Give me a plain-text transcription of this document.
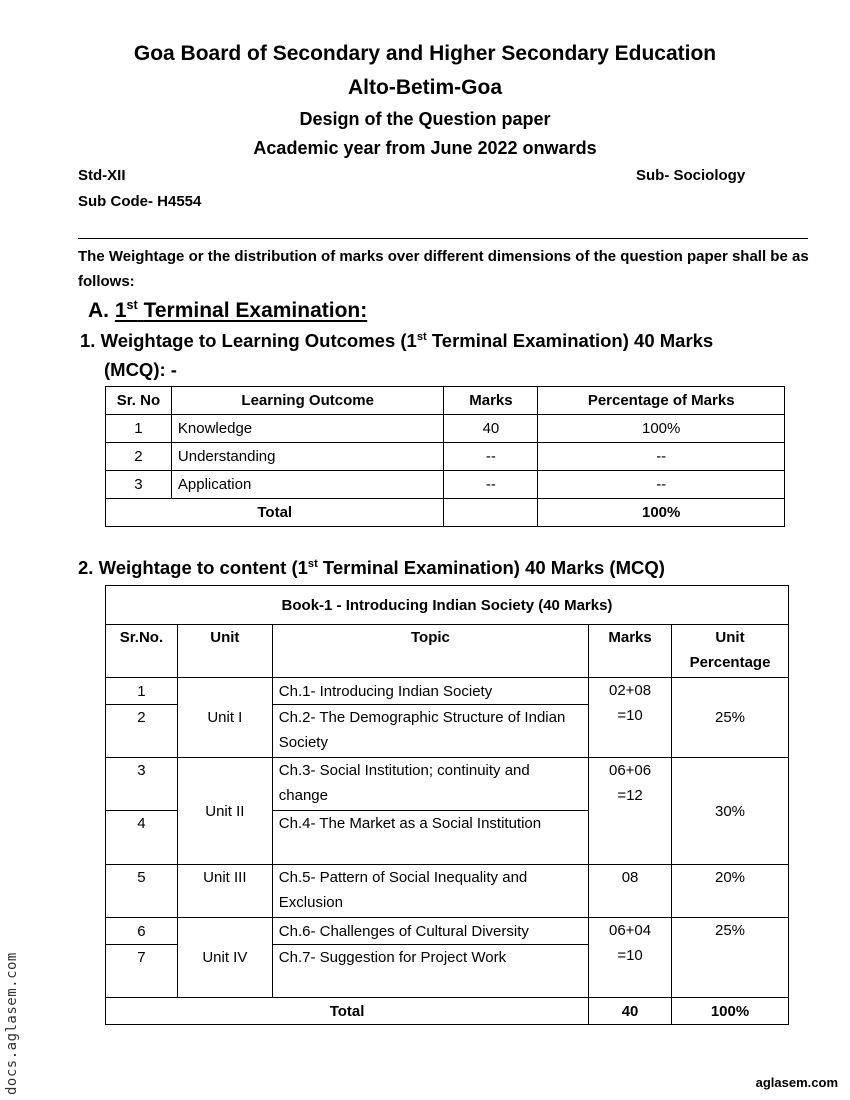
Goa Board of Secondary and Higher Secondary Education
Alto-Betim-Goa
Design of the Question paper
Academic year from June 2022 onwards
Std-XII	Sub- Sociology
Sub Code- H4554
The Weightage or the distribution of marks over different dimensions of the question paper shall be as follows:
A. 1st Terminal Examination:
1. Weightage to Learning Outcomes (1st Terminal Examination) 40 Marks
(MCQ): -
Sr. No	Learning Outcome	Marks	Percentage of Marks
1	Knowledge	40	100%
2	Understanding	--	--
3	Application	--	--
Total			100%
2. Weightage to content (1st Terminal Examination) 40 Marks (MCQ)
Book-1 - Introducing Indian Society (40 Marks)				
Sr.No.	Unit	Topic	Marks	Unit Percentage
1	Unit I	Ch.1- Introducing Indian Society	02+08 =10	25%
2		Ch.2- The Demographic Structure of Indian Society		
3	Unit II	Ch.3- Social Institution; continuity and change	06+06 =12	30%
4		Ch.4- The Market as a Social Institution		
5	Unit III	Ch.5- Pattern of Social Inequality and Exclusion	08	20%
6	Unit IV	Ch.6- Challenges of Cultural Diversity	06+04 =10	25%
7		Ch.7- Suggestion for Project Work		
Total			40	100%
docs.aglasem.com	aglasem.com
